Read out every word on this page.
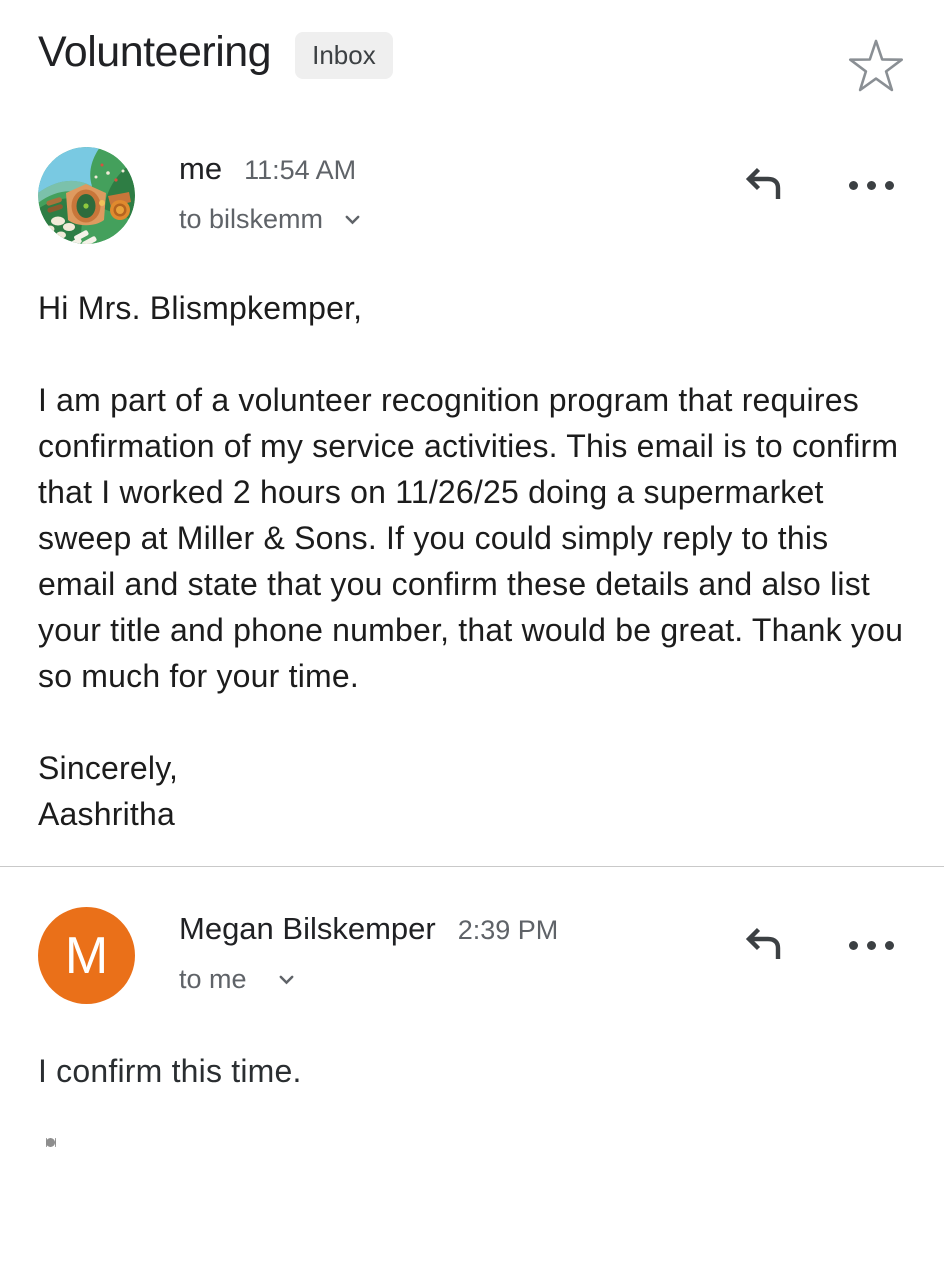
Volunteering	Inbox
me 11:54 AM
to bilskemm

Hi Mrs. Blismpkemper,

I am part of a volunteer recognition program that requires confirmation of my service activities. This email is to confirm that I worked 2 hours on 11/26/25 doing a supermarket sweep at Miller & Sons. If you could simply reply to this email and state that you confirm these details and also list your title and phone number, that would be great. Thank you so much for your time.

Sincerely,

Aashritha

M Megan Bilskemper 2:39 PM
to me

I confirm this time.
